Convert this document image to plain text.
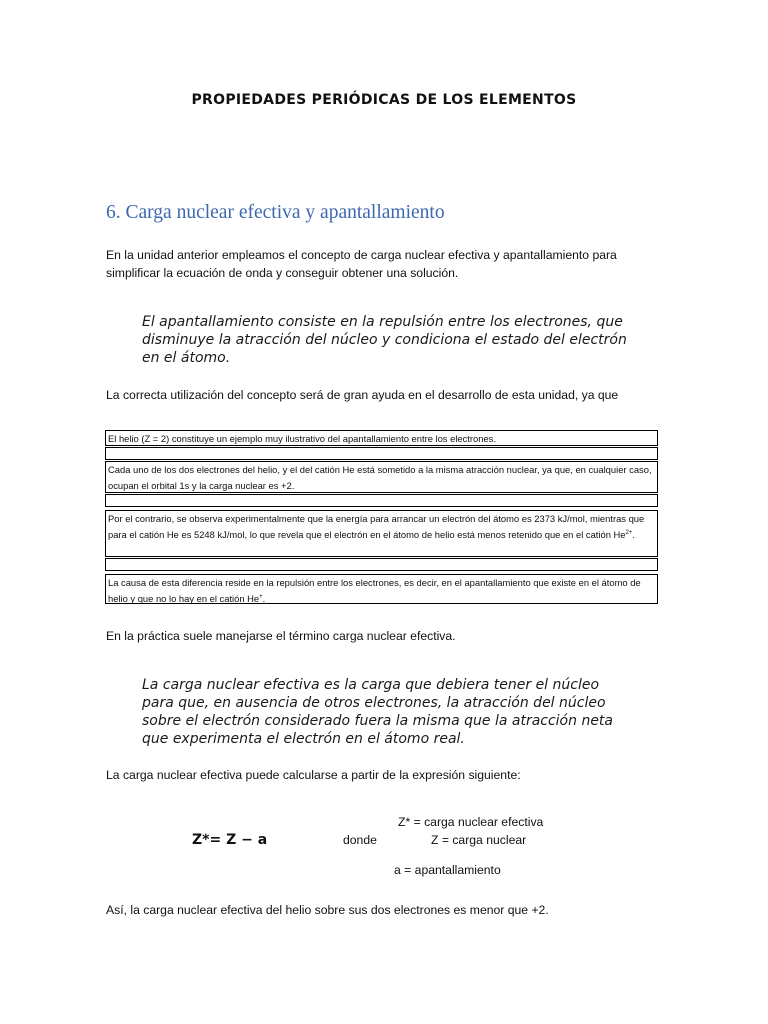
PROPIEDADES PERIÓDICAS DE LOS ELEMENTOS
6. Carga nuclear efectiva y apantallamiento
En la unidad anterior empleamos el concepto de carga nuclear efectiva y apantallamiento para simplificar la ecuación de onda y conseguir obtener una solución.
El apantallamiento consiste en la repulsión entre los electrones, que disminuye la atracción del núcleo y condiciona el estado del electrón en el átomo.
La correcta utilización del concepto será de gran ayuda en el desarrollo de esta unidad, ya que
El helio (Z = 2) constituye un ejemplo muy ilustrativo del apantallamiento entre los electrones.
Cada uno de los dos electrones del helio, y el del catión He está sometido a la misma atracción nuclear, ya que, en cualquier caso, ocupan el orbital 1s y la carga nuclear es +2.
Por el contrario, se observa experimentalmente que la energía para arrancar un electrón del átomo es 2373 kJ/mol, mientras que para el catión He es 5248 kJ/mol, lo que revela que el electrón en el átomo de helio está menos retenido que en el catión $He^{2+}$.
La causa de esta diferencia reside en la repulsión entre los electrones, es decir, en el apantallamiento que existe en el átomo de helio y que no lo hay en el catión He+.
En la práctica suele manejarse el término carga nuclear efectiva.
La carga nuclear efectiva es la carga que debiera tener el núcleo para que, en ausencia de otros electrones, la atracción del núcleo sobre el electrón considerado fuera la misma que la atracción neta que experimenta el electrón en el átomo real.
La carga nuclear efectiva puede calcularse a partir de la expresión siguiente:
Z*= Z − a	donde
Z* = carga nuclear efectiva
Z = carga nuclear
a = apantallamiento
Así, la carga nuclear efectiva del helio sobre sus dos electrones es menor que +2.
